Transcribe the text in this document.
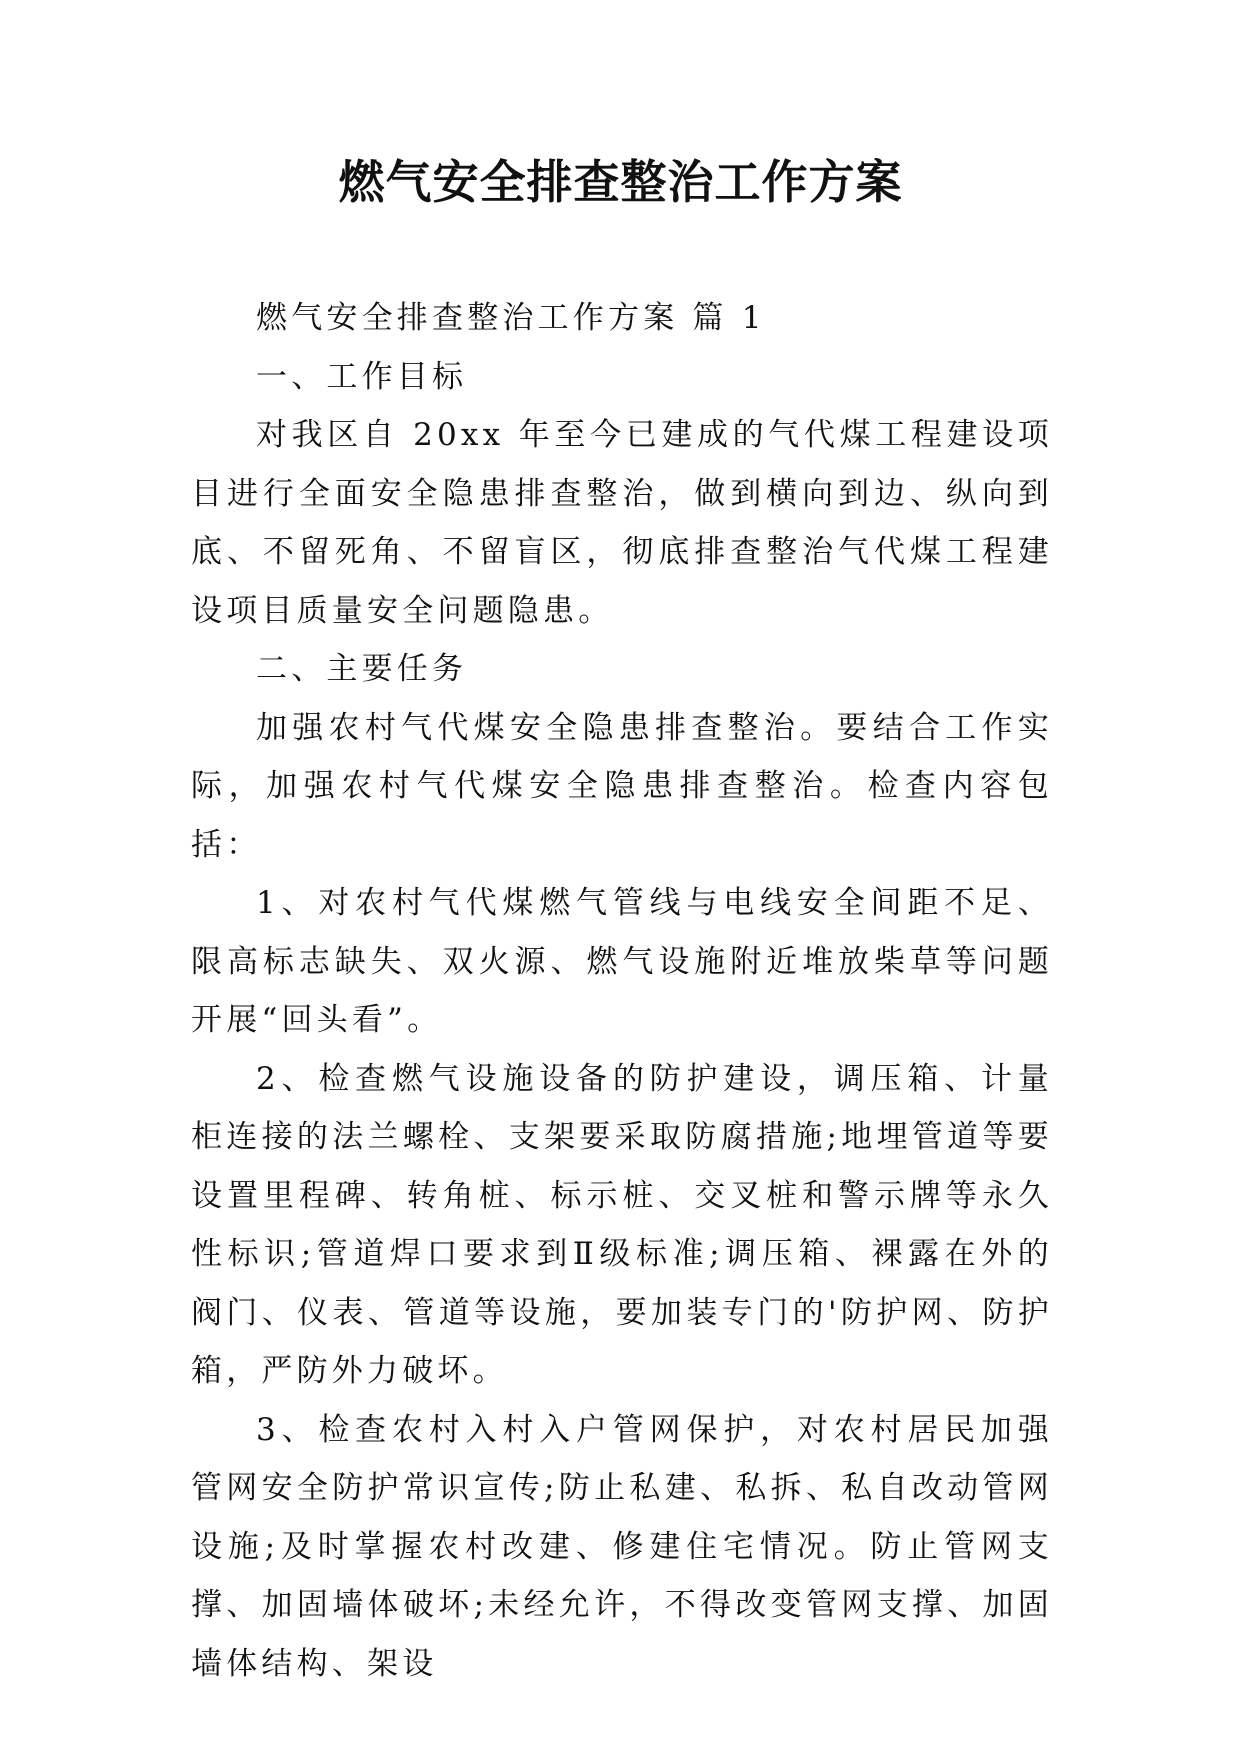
燃气安全排查整治工作方案

燃气安全排查整治工作方案 篇 1

一、工作目标

对我区自 20xx 年至今已建成的气代煤工程建设项目进行全面安全隐患排查整治，做到横向到边、纵向到底、不留死角、不留盲区，彻底排查整治气代煤工程建设项目质量安全问题隐患。

二、主要任务

加强农村气代煤安全隐患排查整治。要结合工作实际，加强农村气代煤安全隐患排查整治。检查内容包括：

1、对农村气代煤燃气管线与电线安全间距不足、限高标志缺失、双火源、燃气设施附近堆放柴草等问题开展“回头看”。

2、检查燃气设施设备的防护建设，调压箱、计量柜连接的法兰螺栓、支架要采取防腐措施;地埋管道等要设置里程碑、转角桩、标示桩、交叉桩和警示牌等永久性标识;管道焊口要求到Ⅱ级标准;调压箱、裸露在外的阀门、仪表、管道等设施，要加装专门的'防护网、防护箱，严防外力破坏。

3、检查农村入村入户管网保护，对农村居民加强管网安全防护常识宣传;防止私建、私拆、私自改动管网设施;及时掌握农村改建、修建住宅情况。防止管网支撑、加固墙体破坏;未经允许，不得改变管网支撑、加固墙体结构、架设
